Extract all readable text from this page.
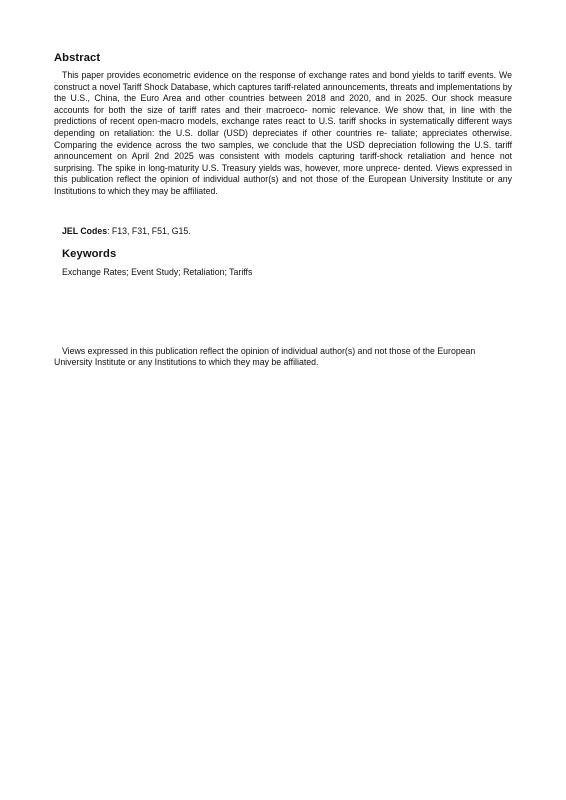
Abstract

This paper provides econometric evidence on the response of exchange rates and bond yields to tariff events. We construct a novel Tariff Shock Database, which captures tariff-related announcements, threats and implementations by the U.S., China, the Euro Area and other countries between 2018 and 2020, and in 2025. Our shock measure accounts for both the size of tariff rates and their macroeco- nomic relevance. We show that, in line with the predictions of recent open-macro models, exchange rates react to U.S. tariff shocks in systematically different ways depending on retaliation: the U.S. dollar (USD) depreciates if other countries re- taliate; appreciates otherwise. Comparing the evidence across the two samples, we conclude that the USD depreciation following the U.S. tariff announcement on April 2nd 2025 was consistent with models capturing tariff-shock retaliation and hence not surprising. The spike in long-maturity U.S. Treasury yields was, however, more unprece- dented. Views expressed in this publication reflect the opinion of individual author(s) and not those of the European University Institute or any Institutions to which they may be affiliated.

JEL Codes: F13, F31, F51, G15.
Keywords
Exchange Rates; Event Study; Retaliation; Tariffs

Views expressed in this publication reflect the opinion of individual author(s) and not those of the European University Institute or any Institutions to which they may be affiliated.
